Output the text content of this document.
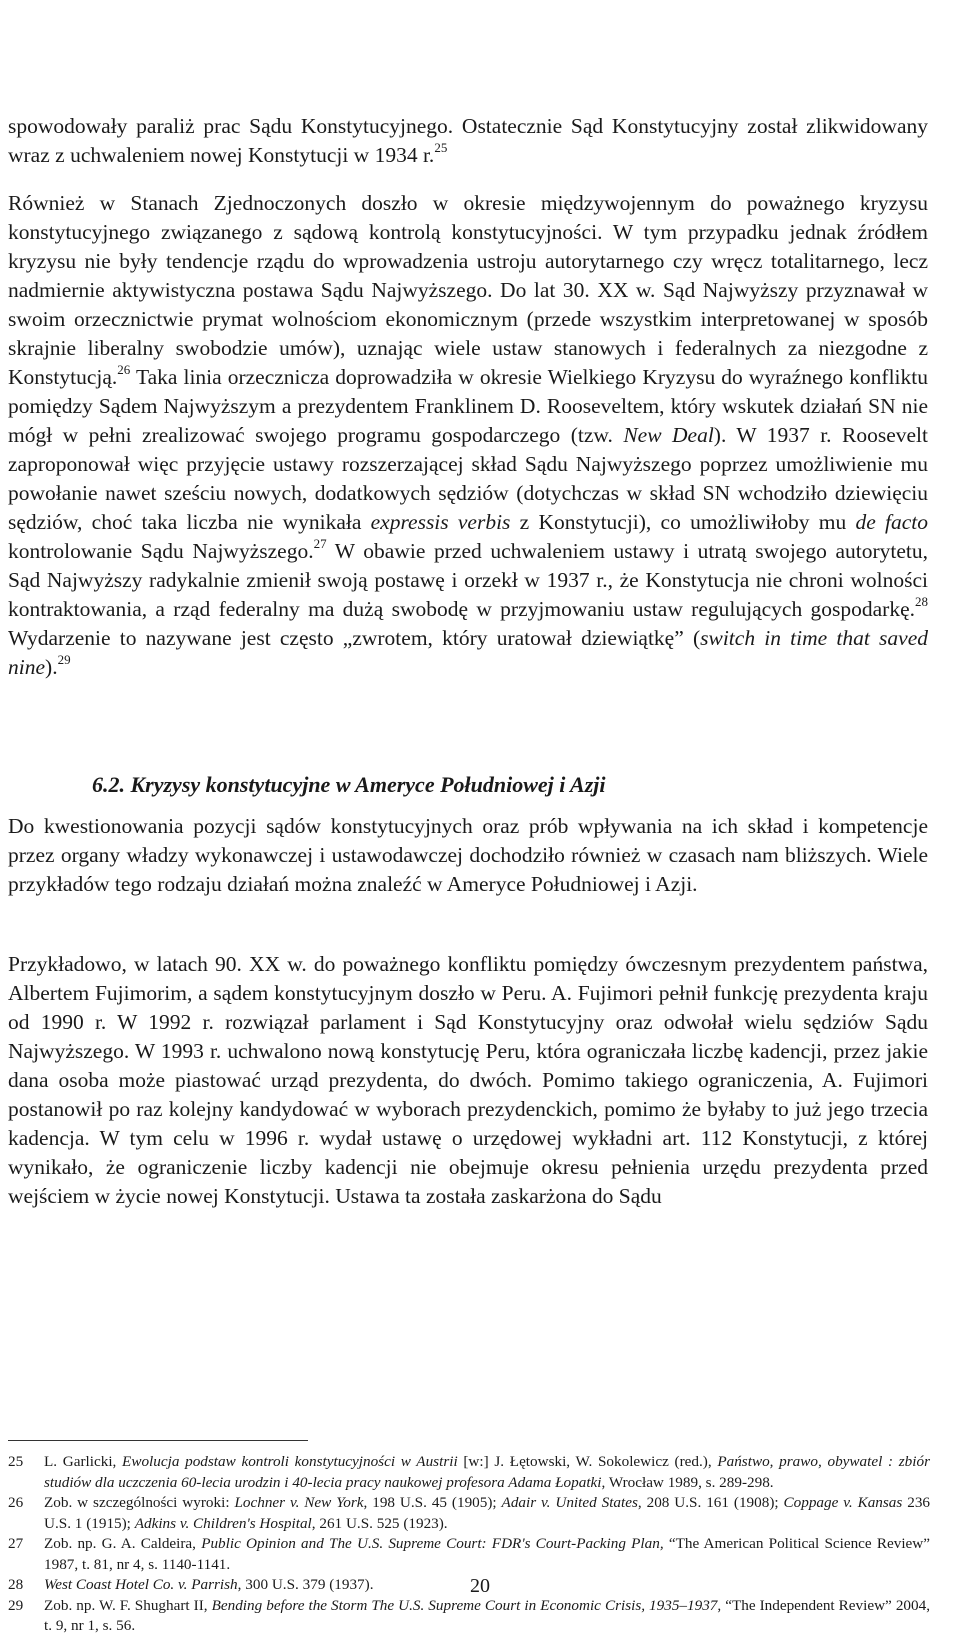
spowodowały paraliż prac Sądu Konstytucyjnego. Ostatecznie Sąd Konstytucyjny został zlikwidowany wraz z uchwaleniem nowej Konstytucji w 1934 r.$^{25}$

Również w Stanach Zjednoczonych doszło w okresie międzywojennym do poważnego kryzysu konstytucyjnego związanego z sądową kontrolą konstytucyjności. W tym przypadku jednak źródłem kryzysu nie były tendencje rządu do wprowadzenia ustroju autorytarnego czy wręcz totalitarnego, lecz nadmiernie aktywistyczna postawa Sądu Najwyższego. Do lat 30. XX w. Sąd Najwyższy przyznawał w swoim orzecznictwie prymat wolnościom ekonomicznym (przede wszystkim interpretowanej w sposób skrajnie liberalny swobodzie umów), uznając wiele ustaw stanowych i federalnych za niezgodne z Konstytucją.$^{26}$ Taka linia orzecznicza doprowadziła w okresie Wielkiego Kryzysu do wyraźnego konfliktu pomiędzy Sądem Najwyższym a prezydentem Franklinem D. Rooseveltem, który wskutek działań SN nie mógł w pełni zrealizować swojego programu gospodarczego (tzw. New Deal). W 1937 r. Roosevelt zaproponował więc przyjęcie ustawy rozszerzającej skład Sądu Najwyższego poprzez umożliwienie mu powołanie nawet sześciu nowych, dodatkowych sędziów (dotychczas w skład SN wchodziło dziewięciu sędziów, choć taka liczba nie wynikała expressis verbis z Konstytucji), co umożliwiłoby mu de facto kontrolowanie Sądu Najwyższego.$^{27}$ W obawie przed uchwaleniem ustawy i utratą swojego autorytetu, Sąd Najwyższy radykalnie zmienił swoją postawę i orzekł w 1937 r., że Konstytucja nie chroni wolności kontraktowania, a rząd federalny ma dużą swobodę w przyjmowaniu ustaw regulujących gospodarkę.$^{28}$ Wydarzenie to nazywane jest często „zwrotem, który uratował dziewiątkę” (switch in time that saved nine).$^{29}$

6.2. Kryzysy konstytucyjne w Ameryce Południowej i Azji

Do kwestionowania pozycji sądów konstytucyjnych oraz prób wpływania na ich skład i kompetencje przez organy władzy wykonawczej i ustawodawczej dochodziło również w czasach nam bliższych. Wiele przykładów tego rodzaju działań można znaleźć w Ameryce Południowej i Azji.

Przykładowo, w latach 90. XX w. do poważnego konfliktu pomiędzy ówczesnym prezydentem państwa, Albertem Fujimorim, a sądem konstytucyjnym doszło w Peru. A. Fujimori pełnił funkcję prezydenta kraju od 1990 r. W 1992 r. rozwiązał parlament i Sąd Konstytucyjny oraz odwołał wielu sędziów Sądu Najwyższego. W 1993 r. uchwalono nową konstytucję Peru, która ograniczała liczbę kadencji, przez jakie dana osoba może piastować urząd prezydenta, do dwóch. Pomimo takiego ograniczenia, A. Fujimori postanowił po raz kolejny kandydować w wyborach prezydenckich, pomimo że byłaby to już jego trzecia kadencja. W tym celu w 1996 r. wydał ustawę o urzędowej wykładni art. 112 Konstytucji, z której wynikało, że ograniczenie liczby kadencji nie obejmuje okresu pełnienia urzędu prezydenta przed wejściem w życie nowej Konstytucji. Ustawa ta została zaskarżona do Sądu

25	L. Garlicki, Ewolucja podstaw kontroli konstytucyjności w Austrii [w:] J. Łętowski, W. Sokolewicz (red.), Państwo, prawo, obywatel : zbiór studiów dla uczczenia 60-lecia urodzin i 40-lecia pracy naukowej profesora Adama Łopatki, Wrocław 1989, s. 289-298.
26	Zob. w szczególności wyroki: Lochner v. New York, 198 U.S. 45 (1905); Adair v. United States, 208 U.S. 161 (1908); Coppage v. Kansas 236 U.S. 1 (1915); Adkins v. Children's Hospital, 261 U.S. 525 (1923).
27	Zob. np. G. A. Caldeira, Public Opinion and The U.S. Supreme Court: FDR's Court-Packing Plan, “The American Political Science Review” 1987, t. 81, nr 4, s. 1140-1141.
28	West Coast Hotel Co. v. Parrish, 300 U.S. 379 (1937).
29	Zob. np. W. F. Shughart II, Bending before the Storm The U.S. Supreme Court in Economic Crisis, 1935–1937, “The Independent Review” 2004, t. 9, nr 1, s. 56.
20
